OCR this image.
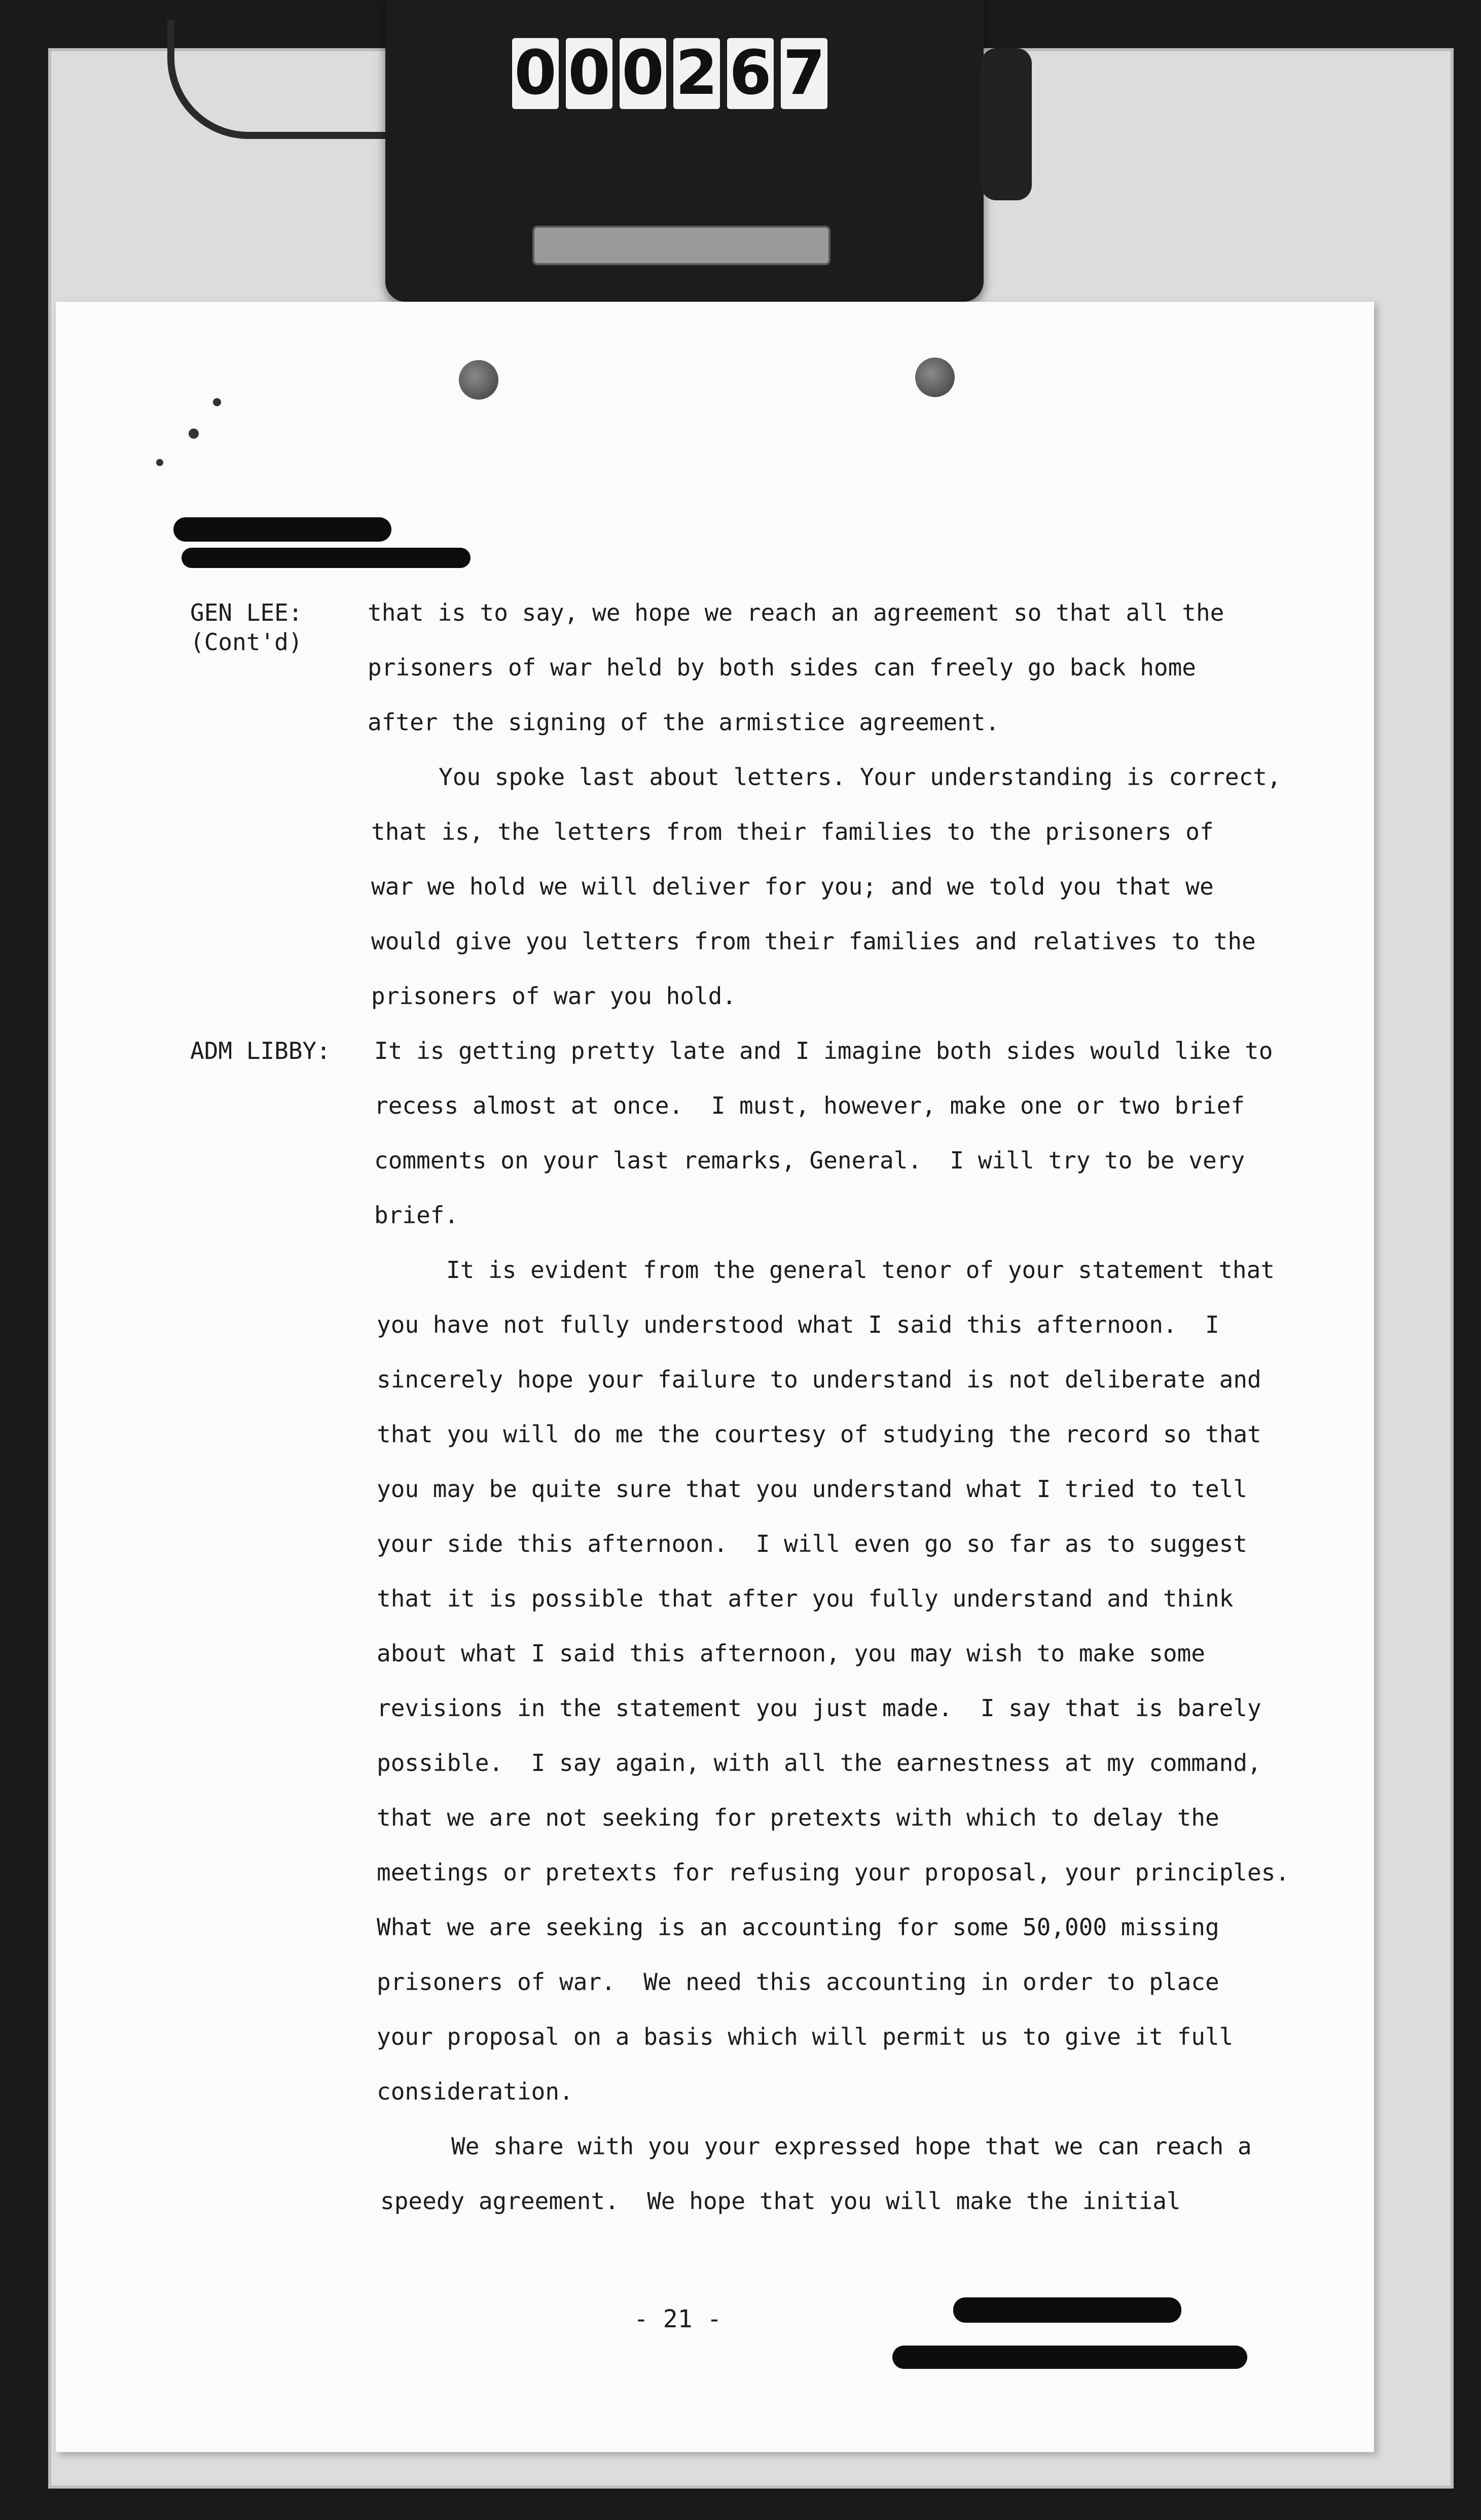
0 0 0 2 6 7
GEN LEE:
(Cont'd)
that is to say, we hope we reach an agreement so that all the
prisoners of war held by both sides can freely go back home
after the signing of the armistice agreement.
You spoke last about letters. Your understanding is correct,
that is, the letters from their families to the prisoners of
war we hold we will deliver for you; and we told you that we
would give you letters from their families and relatives to the
prisoners of war you hold.
ADM LIBBY: It is getting pretty late and I imagine both sides would like to
recess almost at once.  I must, however, make one or two brief
comments on your last remarks, General.  I will try to be very
brief.
It is evident from the general tenor of your statement that
you have not fully understood what I said this afternoon.  I
sincerely hope your failure to understand is not deliberate and
that you will do me the courtesy of studying the record so that
you may be quite sure that you understand what I tried to tell
your side this afternoon.  I will even go so far as to suggest
that it is possible that after you fully understand and think
about what I said this afternoon, you may wish to make some
revisions in the statement you just made.  I say that is barely
possible.  I say again, with all the earnestness at my command,
that we are not seeking for pretexts with which to delay the
meetings or pretexts for refusing your proposal, your principles.
What we are seeking is an accounting for some 50,000 missing
prisoners of war.  We need this accounting in order to place
your proposal on a basis which will permit us to give it full
consideration.
We share with you your expressed hope that we can reach a
speedy agreement.  We hope that you will make the initial
- 21 -
